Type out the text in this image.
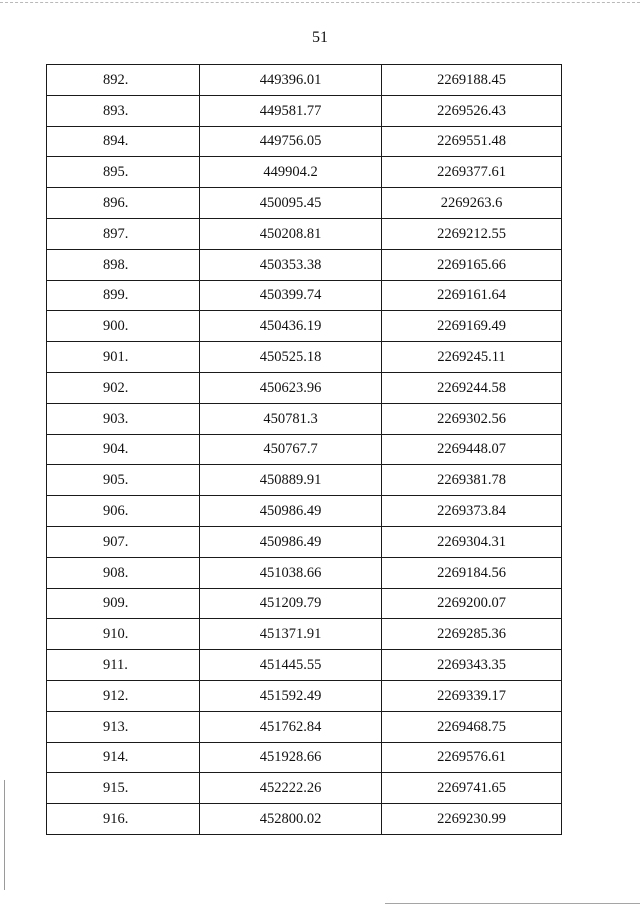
51
892.	449396.01	2269188.45
893.	449581.77	2269526.43
894.	449756.05	2269551.48
895.	449904.2	2269377.61
896.	450095.45	2269263.6
897.	450208.81	2269212.55
898.	450353.38	2269165.66
899.	450399.74	2269161.64
900.	450436.19	2269169.49
901.	450525.18	2269245.11
902.	450623.96	2269244.58
903.	450781.3	2269302.56
904.	450767.7	2269448.07
905.	450889.91	2269381.78
906.	450986.49	2269373.84
907.	450986.49	2269304.31
908.	451038.66	2269184.56
909.	451209.79	2269200.07
910.	451371.91	2269285.36
911.	451445.55	2269343.35
912.	451592.49	2269339.17
913.	451762.84	2269468.75
914.	451928.66	2269576.61
915.	452222.26	2269741.65
916.	452800.02	2269230.99
